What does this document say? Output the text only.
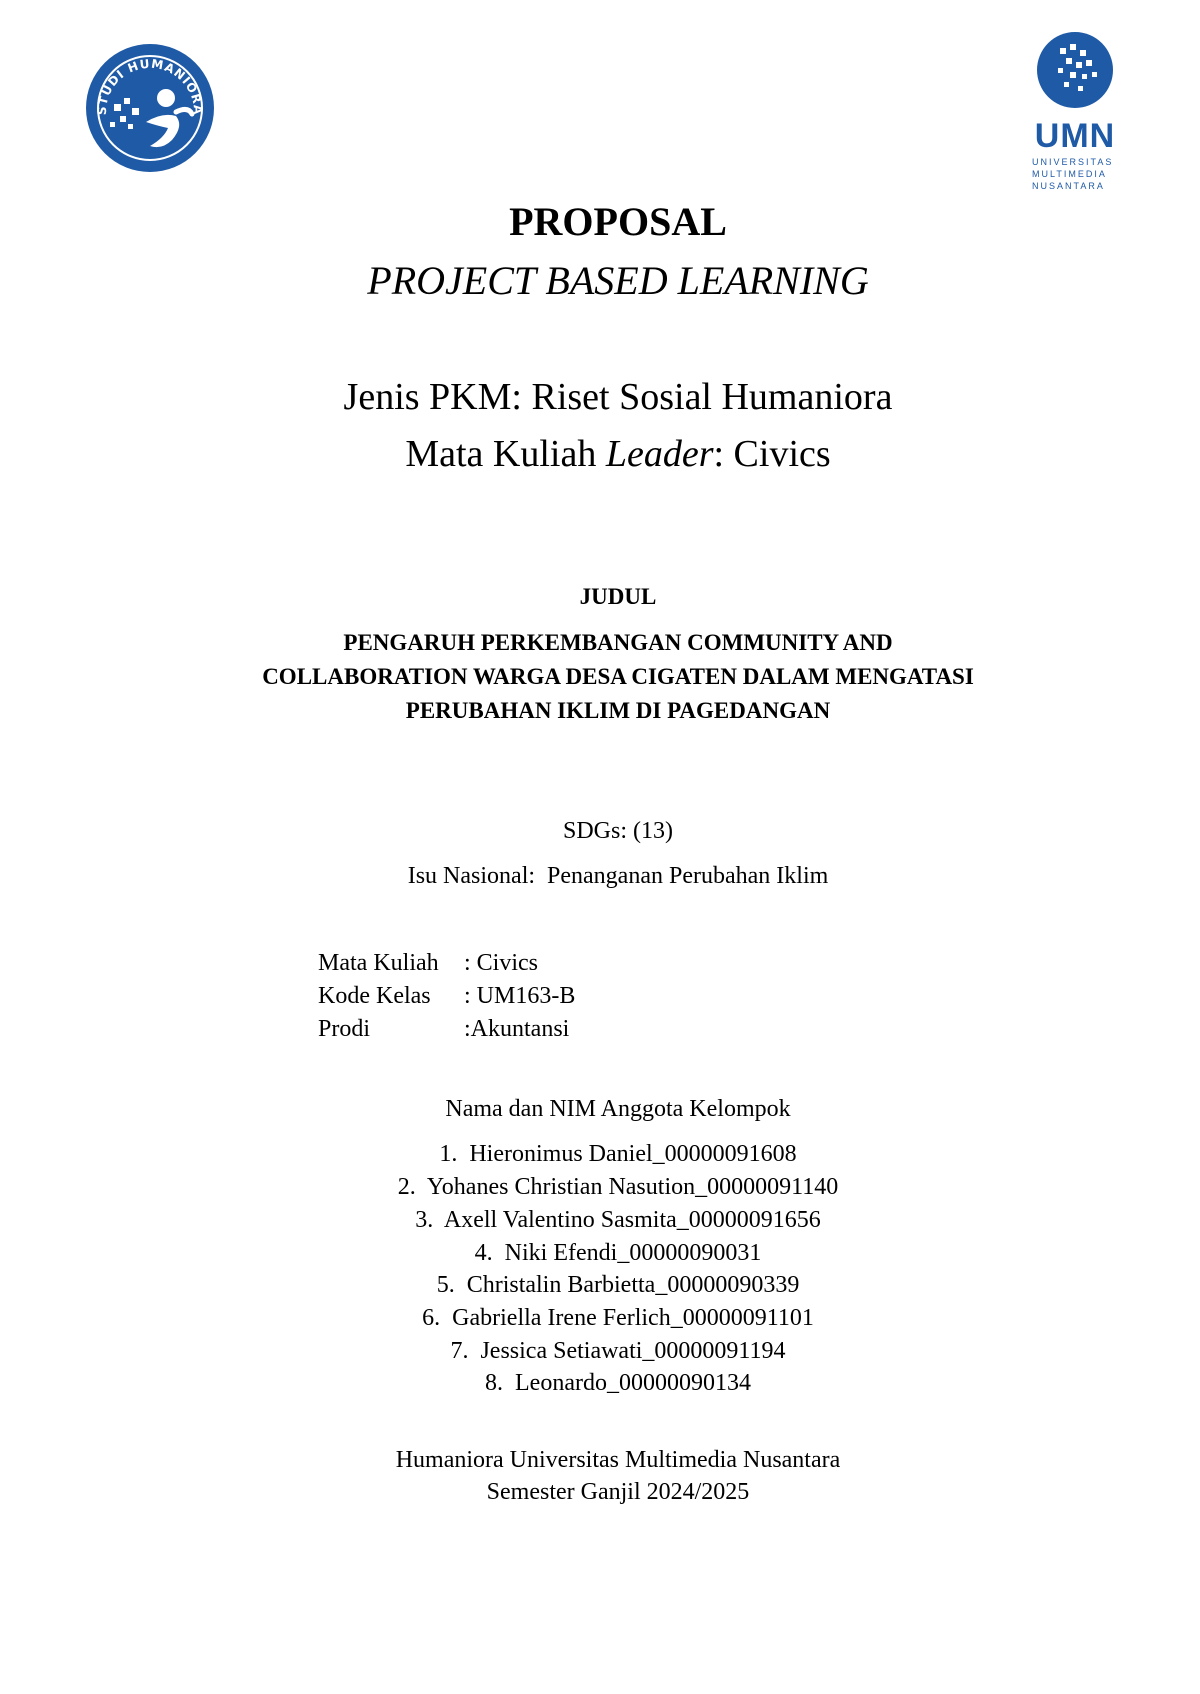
STUDI HUMANIORA
UMN
UNIVERSITAS
MULTIMEDIA
NUSANTARA
PROPOSAL
PROJECT BASED LEARNING
Jenis PKM: Riset Sosial Humaniora
Mata Kuliah Leader: Civics
JUDUL
PENGARUH PERKEMBANGAN COMMUNITY AND
COLLABORATION WARGA DESA CIGATEN DALAM MENGATASI
PERUBAHAN IKLIM DI PAGEDANGAN
SDGs: (13)
Isu Nasional:  Penanganan Perubahan Iklim
Mata Kuliah	: Civics
Kode Kelas	: UM163-B
Prodi	:Akuntansi
Nama dan NIM Anggota Kelompok
1.  Hieronimus Daniel_00000091608
2.  Yohanes Christian Nasution_00000091140
3.  Axell Valentino Sasmita_00000091656
4.  Niki Efendi_00000090031
5.  Christalin Barbietta_00000090339
6.  Gabriella Irene Ferlich_00000091101
7.  Jessica Setiawati_00000091194
8.  Leonardo_00000090134
Humaniora Universitas Multimedia Nusantara
Semester Ganjil 2024/2025
